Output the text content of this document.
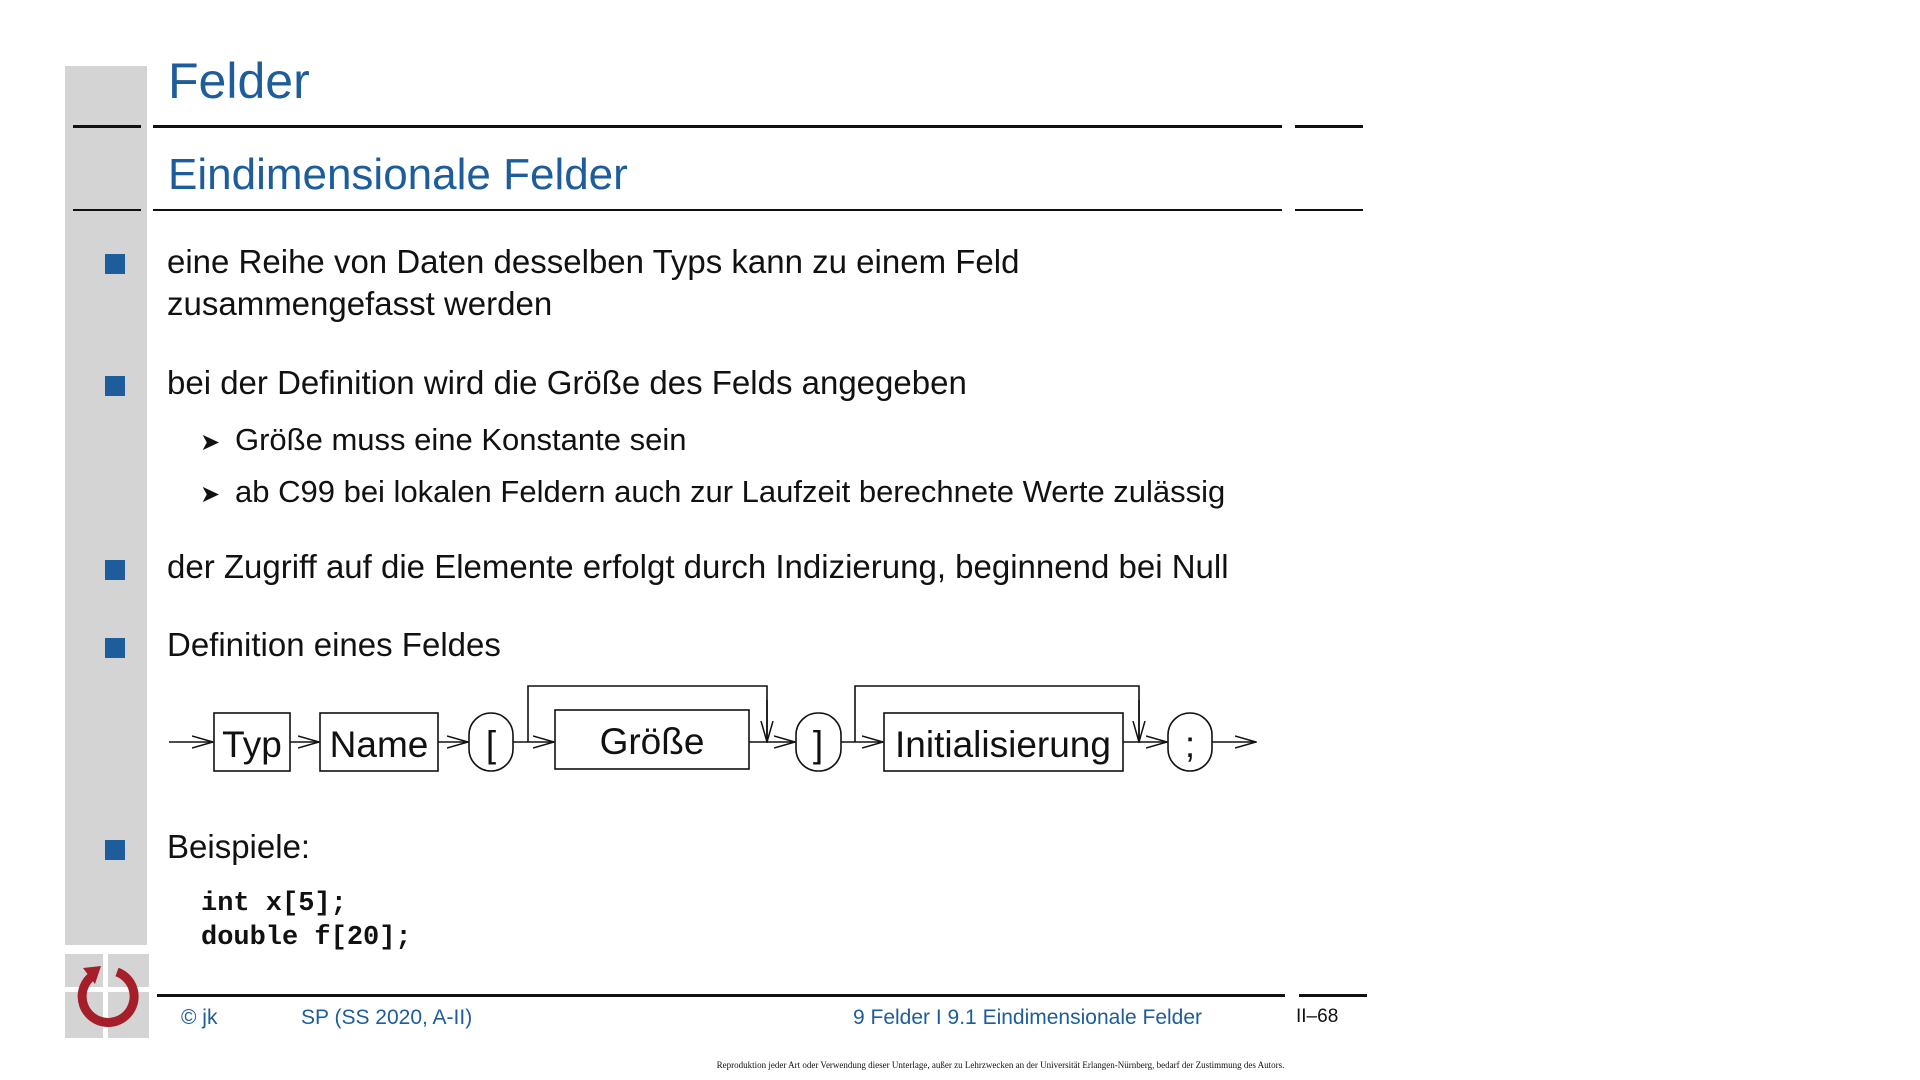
Felder
Eindimensionale Felder
eine Reihe von Daten desselben Typs kann zu einem Feld
zusammengefasst werden
bei der Definition wird die Größe des Felds angegeben
➤ Größe muss eine Konstante sein
➤ ab C99 bei lokalen Feldern auch zur Laufzeit berechnete Werte zulässig
der Zugriff auf die Elemente erfolgt durch Indizierung, beginnend bei Null
Definition eines Feldes
Typ Name [	Größe	] Initialisierung ;
Beispiele:
int x[5];
double f[20];
© jk	SP (SS 2020, A-II)	9 Felder I 9.1 Eindimensionale Felder	II–68
Reproduktion jeder Art oder Verwendung dieser Unterlage, außer zu Lehrzwecken an der Universität Erlangen-Nürnberg, bedarf der Zustimmung des Autors.
